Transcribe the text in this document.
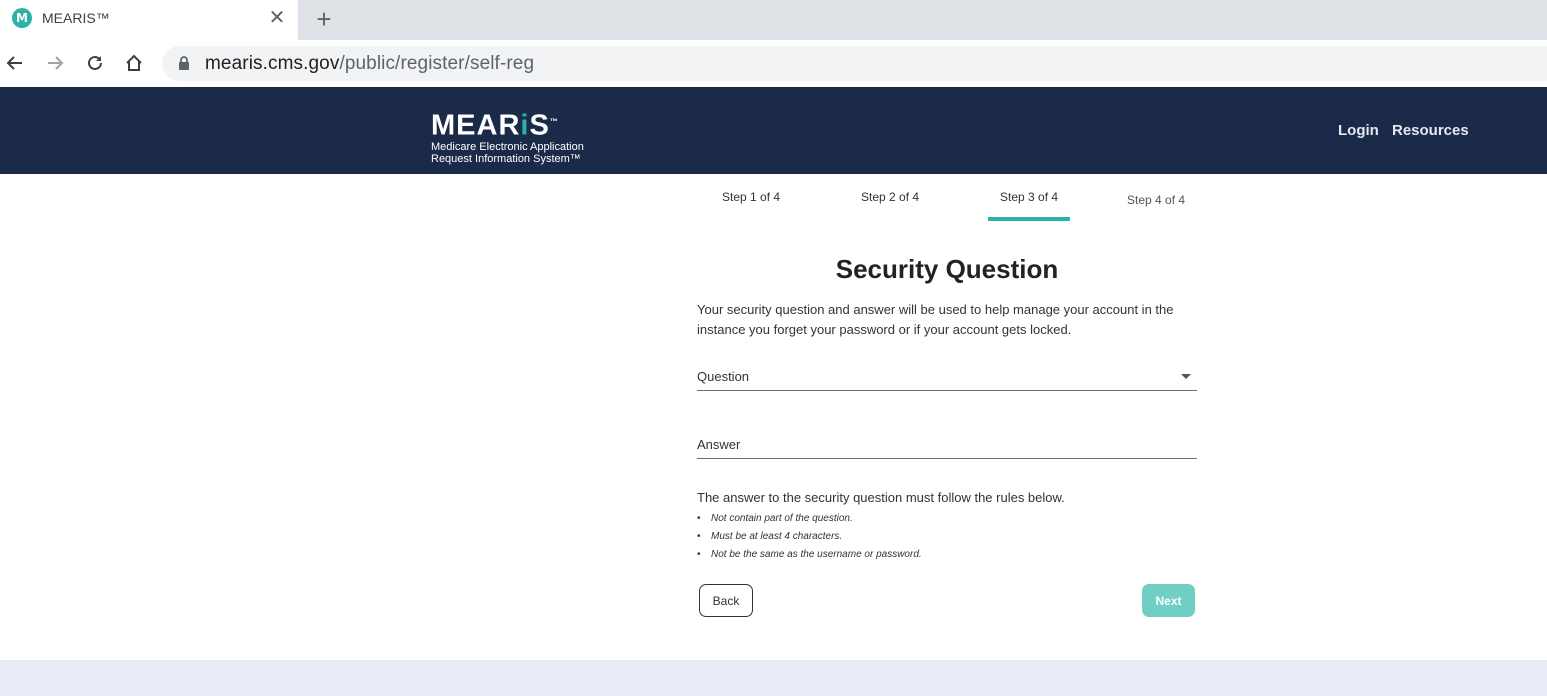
M MEARIS™	✕ +
mearis.cms.gov/public/register/self-reg
MEARiS™
Medicare Electronic Application
Request Information System™
Login Resources
Step 1 of 4	Step 2 of 4	Step 3 of 4	Step 4 of 4
Security Question
Your security question and answer will be used to help manage your account in the instance you forget your password or if your account gets locked.
Question
Answer
The answer to the security question must follow the rules below.
• Not contain part of the question.
• Must be at least 4 characters.
• Not be the same as the username or password.
Back	Next
